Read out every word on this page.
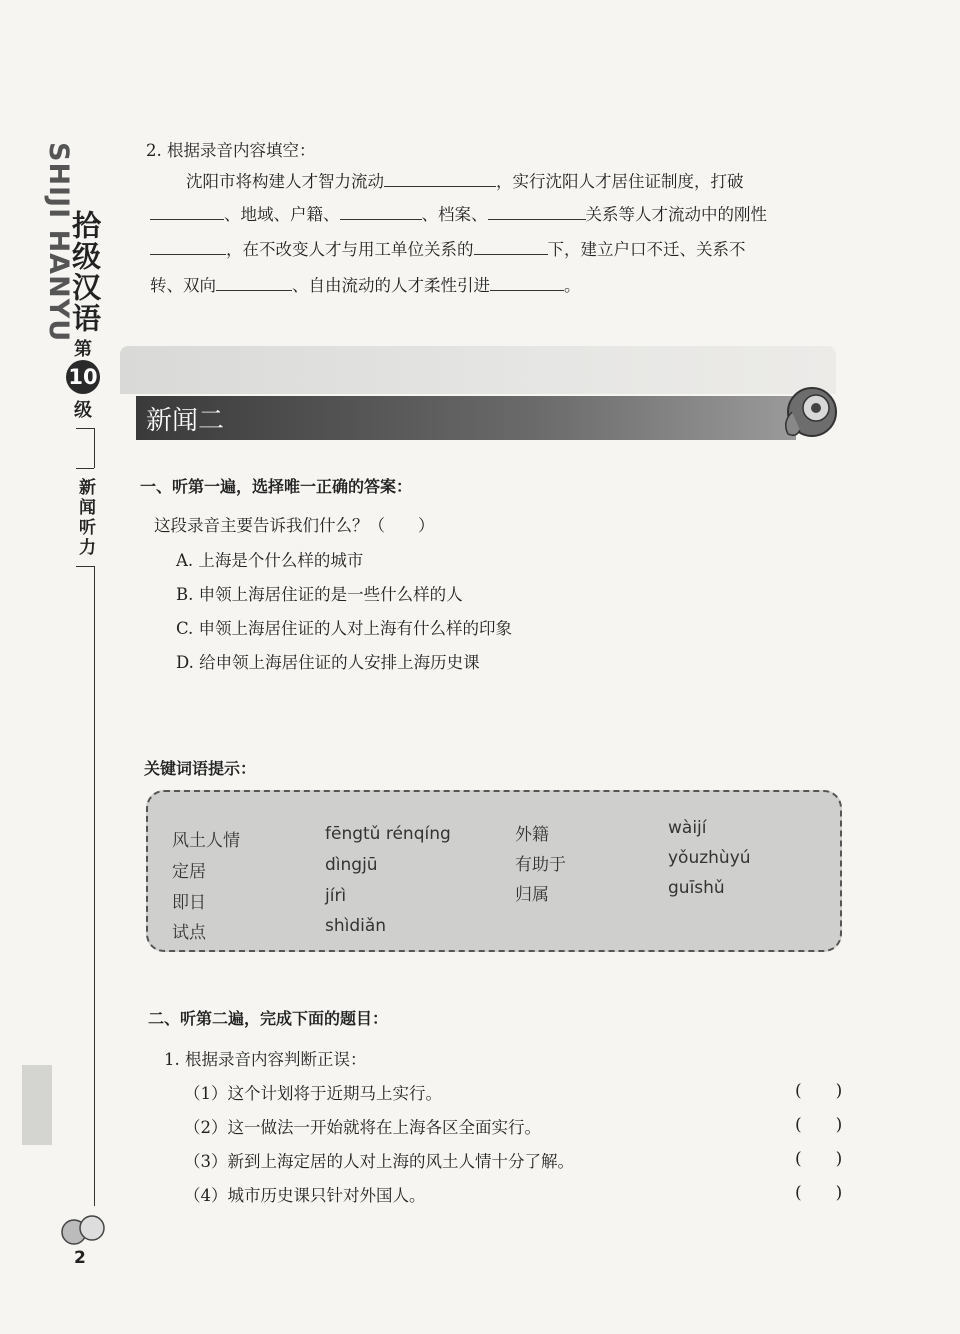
SHIJI HANYU
拾级汉语
第
10
级
新闻听力
2
2. 根据录音内容填空：
沈阳市将构建人才智力流动	，实行沈阳人才居住证制度，打破
、地域、户籍、	、档案、	关系等人才流动中的刚性
，在不改变人才与用工单位关系的	下，建立户口不迁、关系不
转、双向	、自由流动的人才柔性引进	。
新闻二
一、听第一遍，选择唯一正确的答案：
这段录音主要告诉我们什么？（　　）
A. 上海是个什么样的城市
B. 申领上海居住证的是一些什么样的人
C. 申领上海居住证的人对上海有什么样的印象
D. 给申领上海居住证的人安排上海历史课
关键词语提示：
风土人情	fēngtǔ rénqíng
定居	dìngjū
即日	jírì
试点	shìdiǎn
外籍	wàijí
有助于	yǒuzhùyú
归属	guīshǔ
二、听第二遍，完成下面的题目：
1. 根据录音内容判断正误：
（1）这个计划将于近期马上实行。	(　　)
（2）这一做法一开始就将在上海各区全面实行。	(　　)
（3）新到上海定居的人对上海的风土人情十分了解。	(　　)
（4）城市历史课只针对外国人。	(　　)
